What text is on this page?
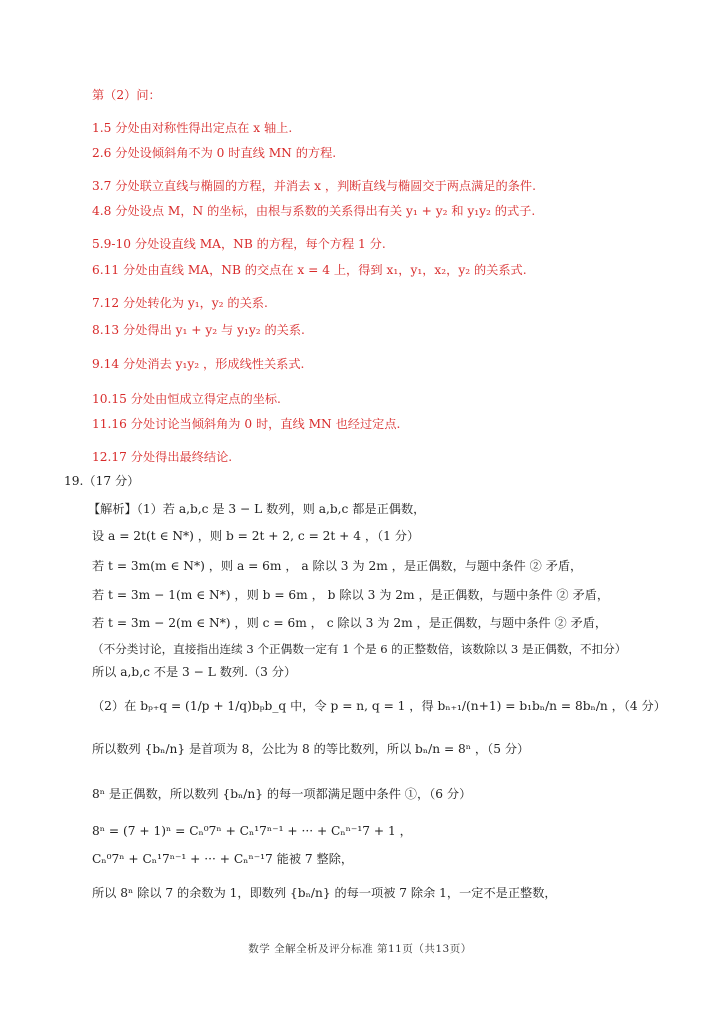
第（2）问：
1.5 分处由对称性得出定点在 x 轴上.
2.6 分处设倾斜角不为 0 时直线 MN 的方程.
3.7 分处联立直线与椭圆的方程，并消去 x ，判断直线与椭圆交于两点满足的条件.
4.8 分处设点 M，N 的坐标，由根与系数的关系得出有关 y₁ + y₂ 和 y₁y₂ 的式子.
5.9-10 分处设直线 MA，NB 的方程，每个方程 1 分.
6.11 分处由直线 MA，NB 的交点在 x = 4 上，得到 x₁，y₁，x₂，y₂ 的关系式.
7.12 分处转化为 y₁，y₂ 的关系.
8.13 分处得出 y₁ + y₂ 与 y₁y₂ 的关系.
9.14 分处消去 y₁y₂ ，形成线性关系式.
10.15 分处由恒成立得定点的坐标.
11.16 分处讨论当倾斜角为 0 时，直线 MN 也经过定点.
12.17 分处得出最终结论.
19.（17 分）
【解析】（1）若 a,b,c 是 3 − L 数列，则 a,b,c 都是正偶数，
设 a = 2t(t ∈ N*) ，则 b = 2t + 2, c = 2t + 4 ，（1 分）
若 t = 3m(m ∈ N*) ，则 a = 6m ， a 除以 3 为 2m ，是正偶数，与题中条件 ② 矛盾，
若 t = 3m − 1(m ∈ N*) ，则 b = 6m ， b 除以 3 为 2m ，是正偶数，与题中条件 ② 矛盾，
若 t = 3m − 2(m ∈ N*) ，则 c = 6m ， c 除以 3 为 2m ，是正偶数，与题中条件 ② 矛盾，
（不分类讨论，直接指出连续 3 个正偶数一定有 1 个是 6 的正整数倍，该数除以 3 是正偶数，不扣分）
所以 a,b,c 不是 3 − L 数列.（3 分）
（2）在 bₚ₊q = (1/p + 1/q)bₚb_q 中，令 p = n, q = 1 ，得 bₙ₊₁/(n+1) = b₁bₙ/n = 8bₙ/n ，（4 分）
所以数列 {bₙ/n} 是首项为 8，公比为 8 的等比数列，所以 bₙ/n = 8ⁿ ，（5 分）
8ⁿ 是正偶数，所以数列 {bₙ/n} 的每一项都满足题中条件 ①，（6 分）
8ⁿ = (7 + 1)ⁿ = Cₙ⁰7ⁿ + Cₙ¹7ⁿ⁻¹ + ··· + Cₙⁿ⁻¹7 + 1 ，
Cₙ⁰7ⁿ + Cₙ¹7ⁿ⁻¹ + ··· + Cₙⁿ⁻¹7 能被 7 整除，
所以 8ⁿ 除以 7 的余数为 1，即数列 {bₙ/n} 的每一项被 7 除余 1，一定不是正整数，
数学 全解全析及评分标准 第11页（共13页）
